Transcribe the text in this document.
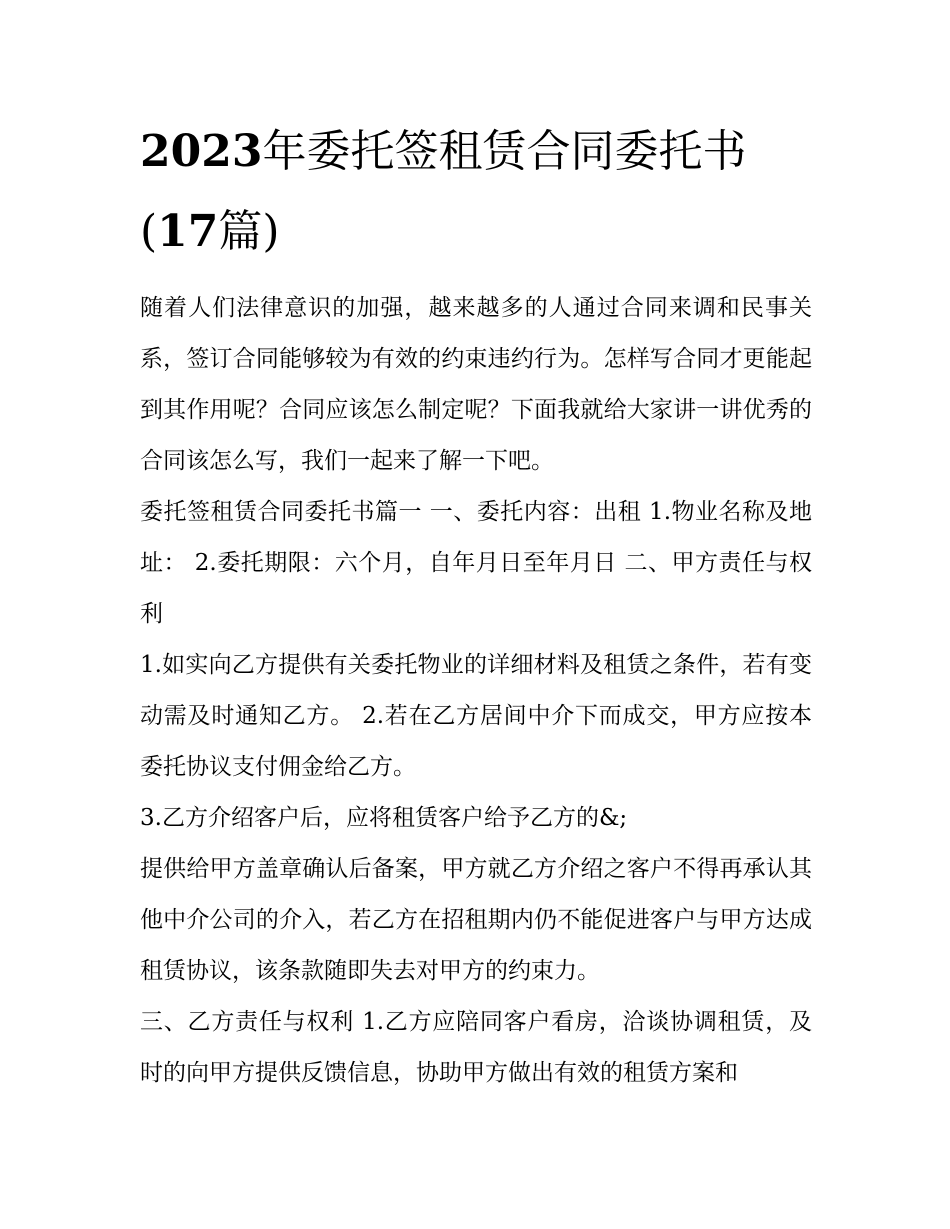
2023年委托签租赁合同委托书(17篇)

随着人们法律意识的加强，越来越多的人通过合同来调和民事关系，签订合同能够较为有效的约束违约行为。怎样写合同才更能起到其作用呢？合同应该怎么制定呢？下面我就给大家讲一讲优秀的合同该怎么写，我们一起来了解一下吧。

委托签租赁合同委托书篇一 一、委托内容：出租 1.物业名称及地址： 2.委托期限：六个月，自年月日至年月日 二、甲方责任与权利

1.如实向乙方提供有关委托物业的详细材料及租赁之条件，若有变动需及时通知乙方。 2.若在乙方居间中介下而成交，甲方应按本委托协议支付佣金给乙方。

3.乙方介绍客户后，应将租赁客户给予乙方的&;

提供给甲方盖章确认后备案，甲方就乙方介绍之客户不得再承认其他中介公司的介入，若乙方在招租期内仍不能促进客户与甲方达成租赁协议，该条款随即失去对甲方的约束力。

三、乙方责任与权利 1.乙方应陪同客户看房，洽谈协调租赁，及时的向甲方提供反馈信息，协助甲方做出有效的租赁方案和
